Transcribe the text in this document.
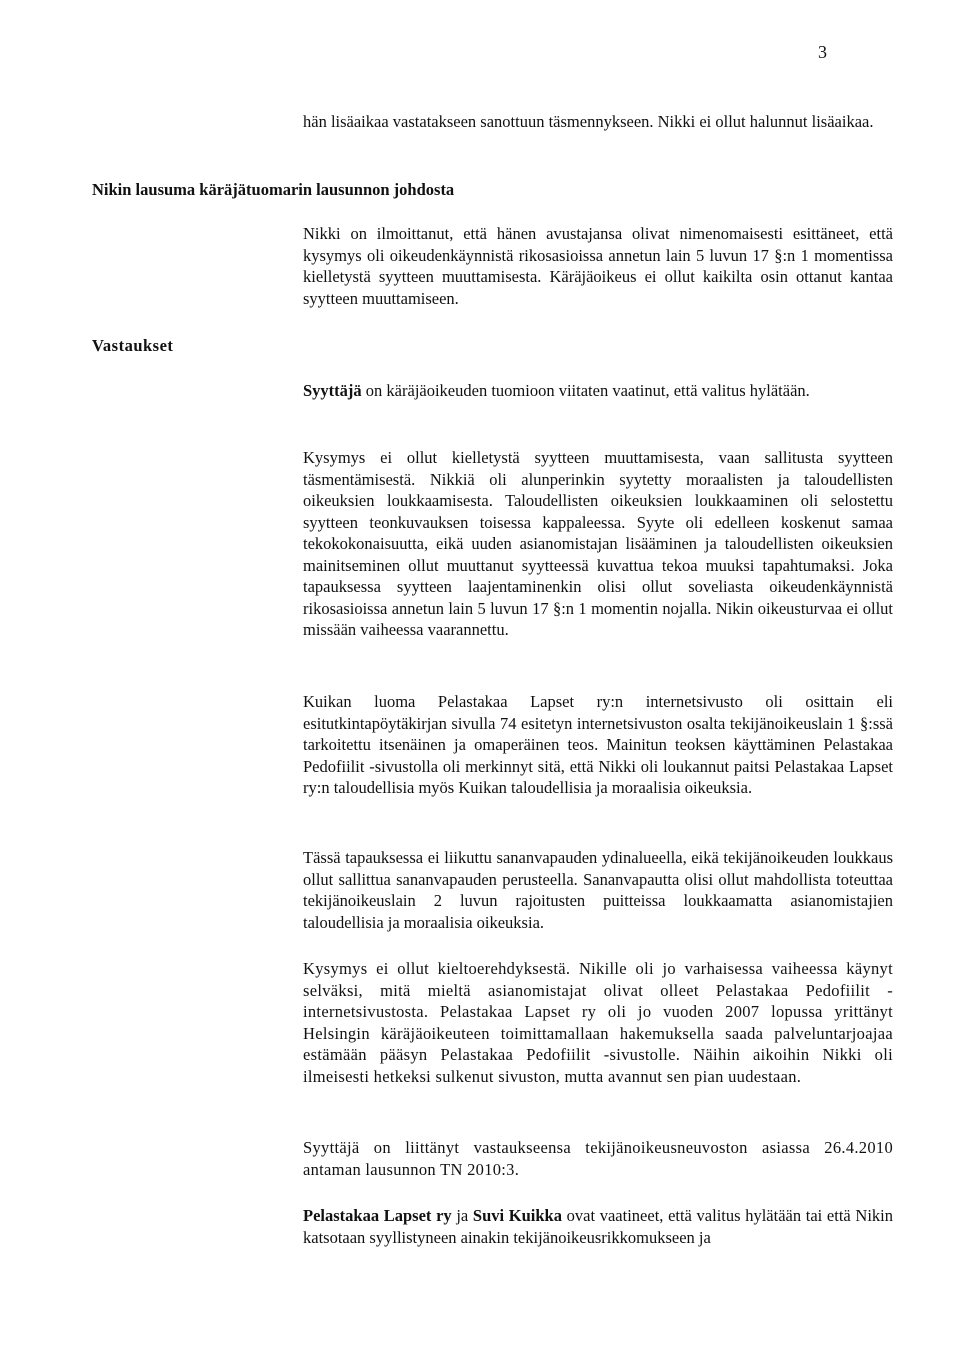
3

hän lisäaikaa vastatakseen sanottuun täsmennykseen. Nikki ei ollut halunnut lisäaikaa.

Nikin lausuma käräjätuomarin lausunnon johdosta

Nikki on ilmoittanut, että hänen avustajansa olivat nimenomaisesti esittäneet, että kysymys oli oikeudenkäynnistä rikosasioissa annetun lain 5 luvun 17 §:n 1 momentissa kielletystä syytteen muuttamisesta. Käräjäoikeus ei ollut kaikilta osin ottanut kantaa syytteen muuttamiseen.

Vastaukset

Syyttäjä on käräjäoikeuden tuomioon viitaten vaatinut, että valitus hylätään.

Kysymys ei ollut kielletystä syytteen muuttamisesta, vaan sallitusta syytteen täsmentämisestä. Nikkiä oli alunperinkin syytetty moraalisten ja taloudellisten oikeuksien loukkaamisesta. Taloudellisten oikeuksien loukkaaminen oli selostettu syytteen teonkuvauksen toisessa kappaleessa. Syyte oli edelleen koskenut samaa tekokokonaisuutta, eikä uuden asianomistajan lisääminen ja taloudellisten oikeuksien mainitseminen ollut muuttanut syytteessä kuvattua tekoa muuksi tapahtumaksi. Joka tapauksessa syytteen laajentaminenkin olisi ollut soveliasta oikeudenkäynnistä rikosasioissa annetun lain 5 luvun 17 §:n 1 momentin nojalla. Nikin oikeusturvaa ei ollut missään vaiheessa vaarannettu.

Kuikan luoma Pelastakaa Lapset ry:n internetsivusto oli osittain eli esitutkintapöytäkirjan sivulla 74 esitetyn internetsivuston osalta tekijänoikeuslain 1 §:ssä tarkoitettu itsenäinen ja omaperäinen teos. Mainitun teoksen käyttäminen Pelastakaa Pedofiilit -sivustolla oli merkinnyt sitä, että Nikki oli loukannut paitsi Pelastakaa Lapset ry:n taloudellisia myös Kuikan taloudellisia ja moraalisia oikeuksia.

Tässä tapauksessa ei liikuttu sananvapauden ydinalueella, eikä tekijänoikeuden loukkaus ollut sallittua sananvapauden perusteella. Sananvapautta olisi ollut mahdollista toteuttaa tekijänoikeuslain 2 luvun rajoitusten puitteissa loukkaamatta asianomistajien taloudellisia ja moraalisia oikeuksia.

Kysymys ei ollut kieltoerehdyksestä. Nikille oli jo varhaisessa vaiheessa käynyt selväksi, mitä mieltä asianomistajat olivat olleet Pelastakaa Pedofiilit -internetsivustosta. Pelastakaa Lapset ry oli jo vuoden 2007 lopussa yrittänyt Helsingin käräjäoikeuteen toimittamallaan hakemuksella saada palveluntarjoajaa estämään pääsyn Pelastakaa Pedofiilit -sivustolle. Näihin aikoihin Nikki oli ilmeisesti hetkeksi sulkenut sivuston, mutta avannut sen pian uudestaan.

Syyttäjä on liittänyt vastaukseensa tekijänoikeusneuvoston asiassa 26.4.2010 antaman lausunnon TN 2010:3.

Pelastakaa Lapset ry ja Suvi Kuikka ovat vaatineet, että valitus hylätään tai että Nikin katsotaan syyllistyneen ainakin tekijänoikeusrikkomukseen ja
